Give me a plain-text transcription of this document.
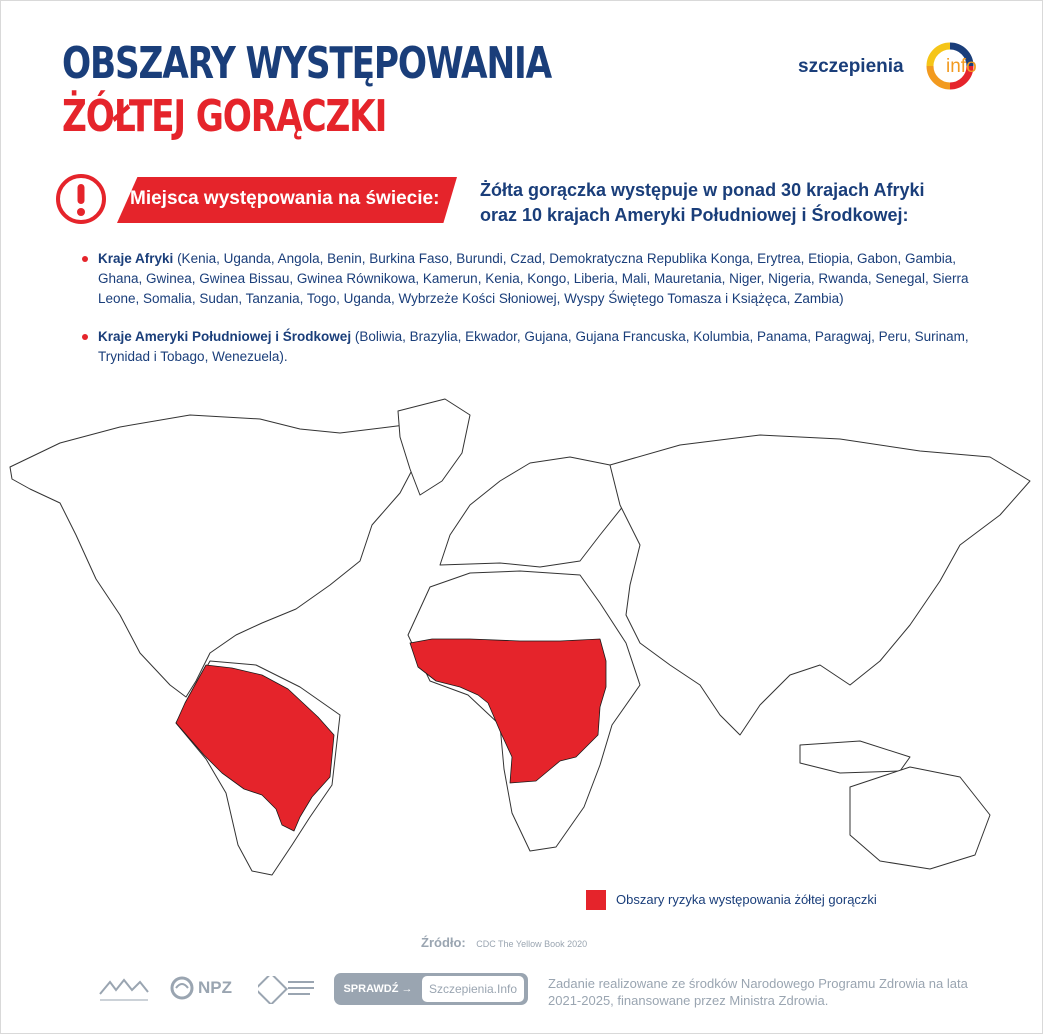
OBSZARY WYSTĘPOWANIA
ŻÓŁTEJ GORĄCZKI
szczepienia info
Miejsca występowania na świecie: Żółta gorączka występuje w ponad 30 krajach Afryki
oraz 10 krajach Ameryki Południowej i Środkowej:
Kraje Afryki (Kenia, Uganda, Angola, Benin, Burkina Faso, Burundi, Czad, Demokratyczna Republika Konga, Erytrea, Etiopia, Gabon, Gambia, Ghana, Gwinea, Gwinea Bissau, Gwinea Równikowa, Kamerun, Kenia, Kongo, Liberia, Mali, Mauretania, Niger, Nigeria, Rwanda, Senegal, Sierra Leone, Somalia, Sudan, Tanzania, Togo, Uganda, Wybrzeże Kości Słoniowej, Wyspy Świętego Tomasza i Książęca, Zambia)
Kraje Ameryki Południowej i Środkowej (Boliwia, Brazylia, Ekwador, Gujana, Gujana Francuska, Kolumbia, Panama, Paragwaj, Peru, Surinam, Trynidad i Tobago, Wenezuela).
Obszary ryzyka występowania żółtej gorączki
Źródło: CDC The Yellow Book 2020
NPZ	SPRAWDŹ →	Szczepienia.Info	Zadanie realizowane ze środków Narodowego Programu Zdrowia na lata 2021-2025, finansowane przez Ministra Zdrowia.
